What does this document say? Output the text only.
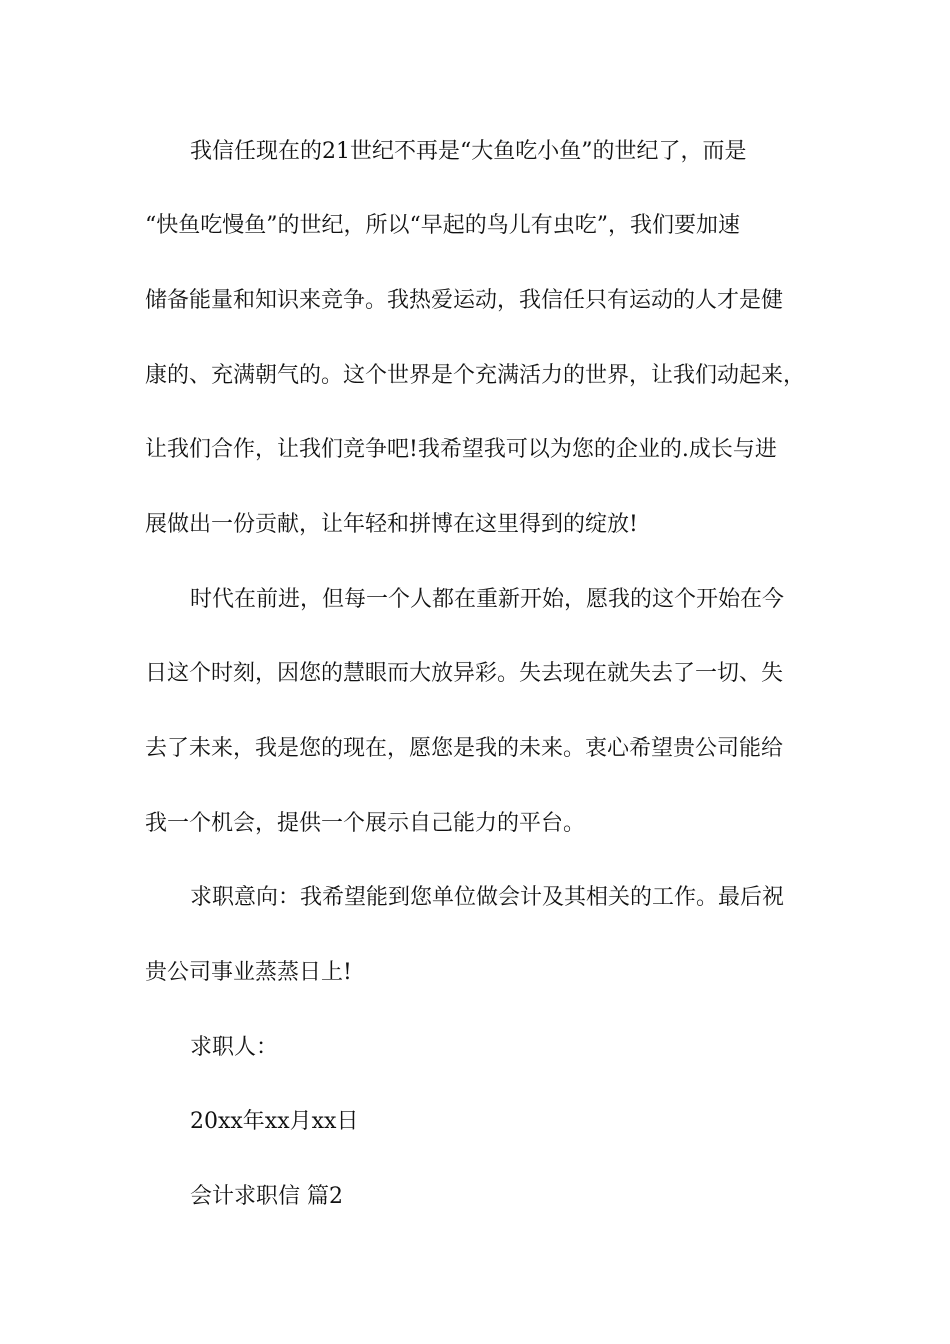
我信任现在的21世纪不再是“大鱼吃小鱼”的世纪了，而是
“快鱼吃慢鱼”的世纪，所以“早起的鸟儿有虫吃”，我们要加速
储备能量和知识来竞争。我热爱运动，我信任只有运动的人才是健
康的、充满朝气的。这个世界是个充满活力的世界，让我们动起来，
让我们合作，让我们竞争吧!我希望我可以为您的企业的.成长与进
展做出一份贡献，让年轻和拼博在这里得到的绽放!
时代在前进，但每一个人都在重新开始，愿我的这个开始在今
日这个时刻，因您的慧眼而大放异彩。失去现在就失去了一切、失
去了未来，我是您的现在，愿您是我的未来。衷心希望贵公司能给
我一个机会，提供一个展示自己能力的平台。
求职意向：我希望能到您单位做会计及其相关的工作。最后祝
贵公司事业蒸蒸日上!
求职人：
20xx年xx月xx日
会计求职信 篇2
